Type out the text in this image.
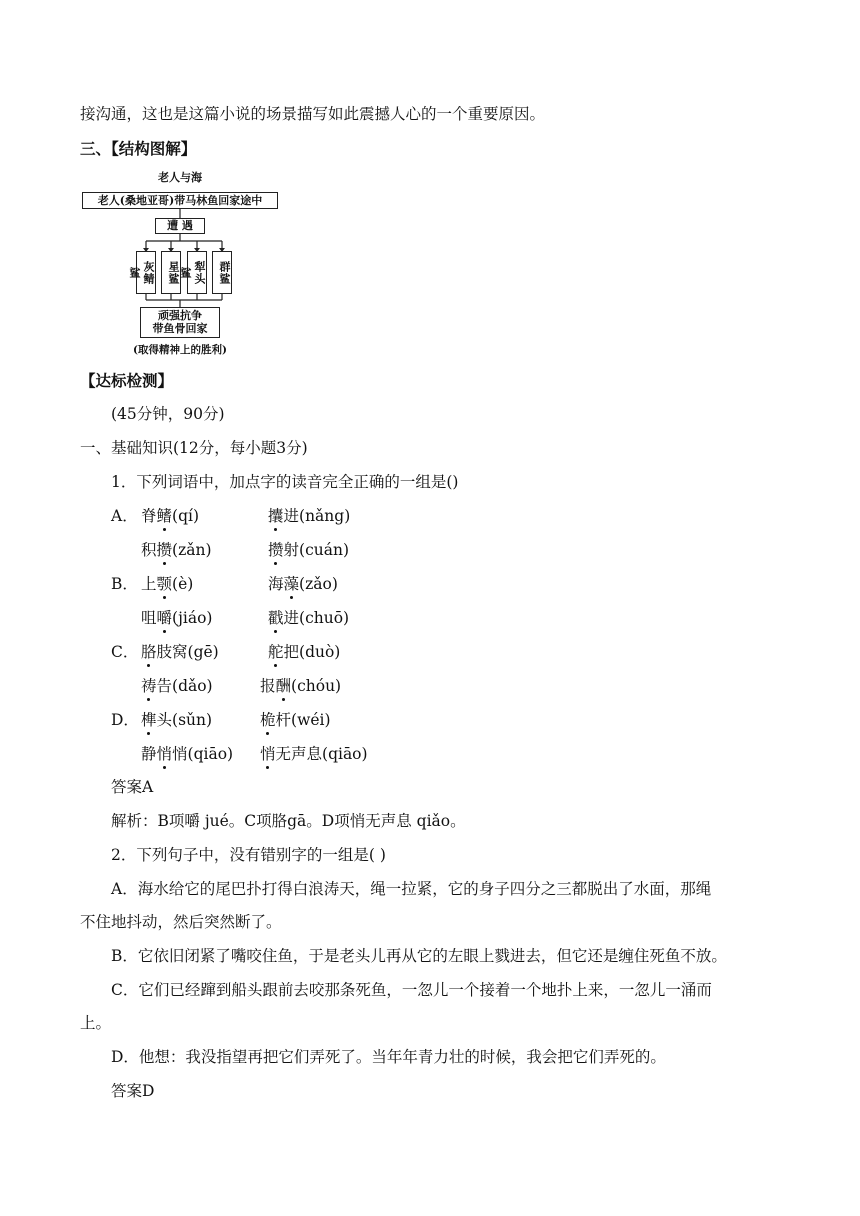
接沟通，这也是这篇小说的场景描写如此震撼人心的一个重要原因。
三、【结构图解】
老人与海
老人(桑地亚哥)带马林鱼回家途中
遭 遇
灰鲭鲨	星鲨	犁头鲨	群鲨
顽强抗争
带鱼骨回家
(取得精神上的胜利)
【达标检测】
(45分钟，90分)
一、基础知识(12分，每小题3分)
1．下列词语中，加点字的读音完全正确的一组是()
A． 脊鳍(qí)	攮进(nǎng)
积攒(zǎn)	攒射(cuán)
B． 上颚(è)	海藻(zǎo)
咀嚼(jiáo)	戳进(chuō)
C． 胳肢窝(gē)	舵把(duò)
祷告(dǎo)	报酬(chóu)
D． 榫头(sǔn)	桅杆(wéi)
静悄悄(qiāo) 悄无声息(qiāo)
答案A
解析：B项嚼 jué。C项胳gā。D项悄无声息 qiǎo。
2．下列句子中，没有错别字的一组是( )
A．海水给它的尾巴扑打得白浪涛天，绳一拉紧，它的身子四分之三都脱出了水面，那绳
不住地抖动，然后突然断了。
B．它依旧闭紧了嘴咬住鱼，于是老头儿再从它的左眼上戮进去，但它还是缠住死鱼不放。
C．它们已经蹿到船头跟前去咬那条死鱼，一忽儿一个接着一个地扑上来，一忽儿一涌而
上。
D．他想：我没指望再把它们弄死了。当年年青力壮的时候，我会把它们弄死的。
答案D
